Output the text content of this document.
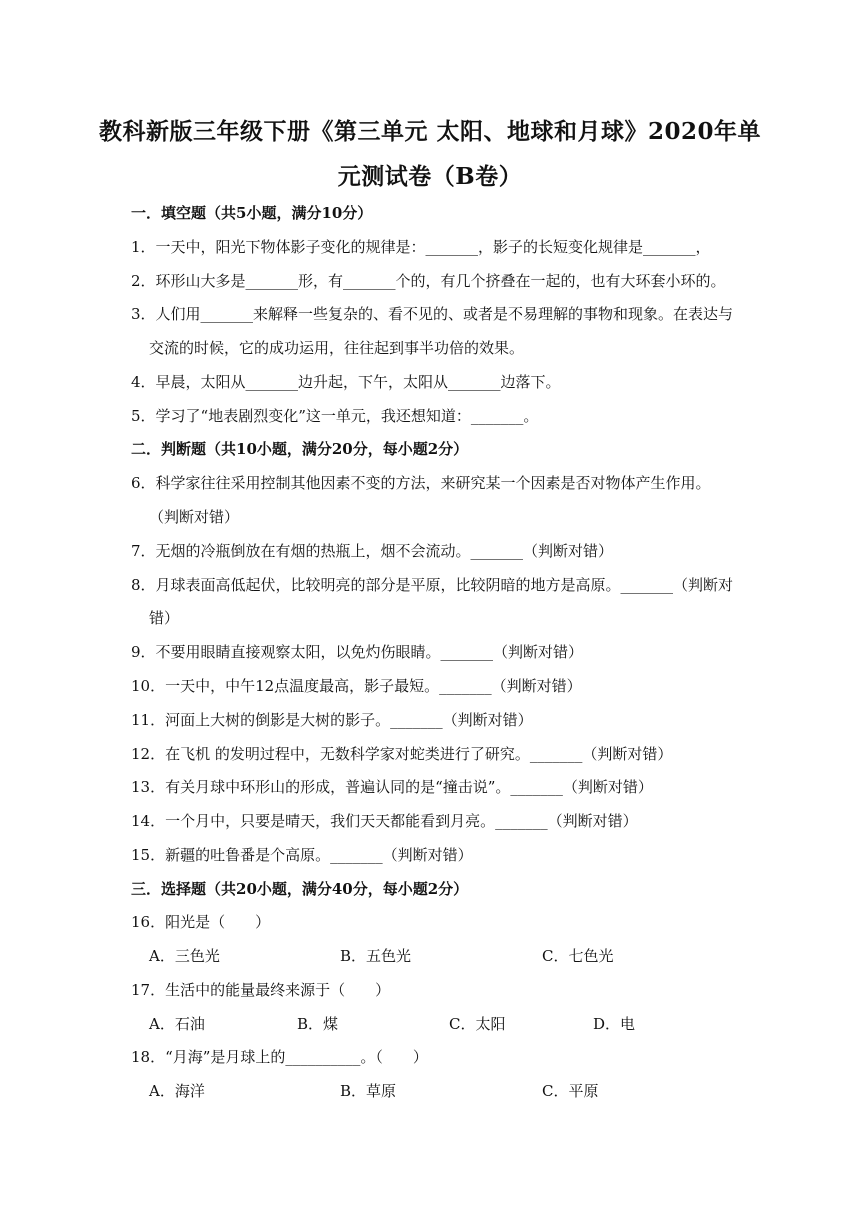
教科新版三年级下册《第三单元 太阳、地球和月球》2020年单
元测试卷（B卷）
一．填空题（共5小题，满分10分）
1．一天中，阳光下物体影子变化的规律是：_______，影子的长短变化规律是_______，
2．环形山大多是_______形，有_______个的，有几个挤叠在一起的，也有大环套小环的。
3．人们用_______来解释一些复杂的、看不见的、或者是不易理解的事物和现象。在表达与
交流的时候，它的成功运用，往往起到事半功倍的效果。
4．早晨，太阳从_______边升起，下午，太阳从_______边落下。
5．学习了“地表剧烈变化”这一单元，我还想知道：_______。
二．判断题（共10小题，满分20分，每小题2分）
6．科学家往往采用控制其他因素不变的方法，来研究某一个因素是否对物体产生作用。
（判断对错）
7．无烟的冷瓶倒放在有烟的热瓶上，烟不会流动。_______（判断对错）
8．月球表面高低起伏，比较明亮的部分是平原，比较阴暗的地方是高原。_______（判断对
错）
9．不要用眼睛直接观察太阳，以免灼伤眼睛。_______（判断对错）
10．一天中，中午12点温度最高，影子最短。_______（判断对错）
11．河面上大树的倒影是大树的影子。_______（判断对错）
12．在飞机 的发明过程中，无数科学家对蛇类进行了研究。_______（判断对错）
13．有关月球中环形山的形成，普遍认同的是“撞击说”。_______（判断对错）
14．一个月中，只要是晴天，我们天天都能看到月亮。_______（判断对错）
15．新疆的吐鲁番是个高原。_______（判断对错）
三．选择题（共20小题，满分40分，每小题2分）
16．阳光是（　　）
A．三色光	B．五色光	C．七色光
17．生活中的能量最终来源于（　　）
A．石油	B．煤	C．太阳	D．电
18．“月海”是月球上的__________。（　　）
A．海洋	B．草原	C．平原
